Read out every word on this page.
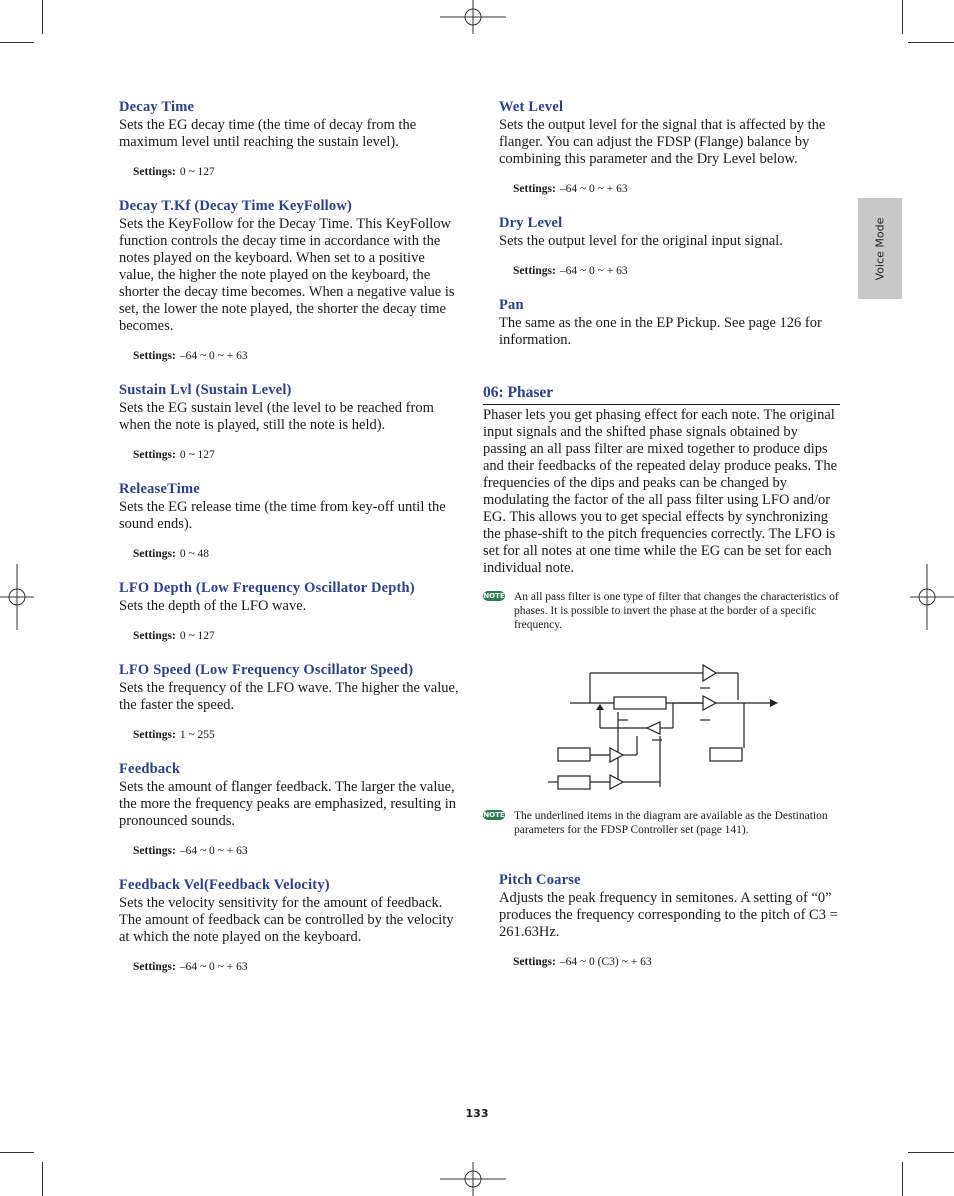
Voice Mode

Decay Time

Sets the EG decay time (the time of decay from the maximum level until reaching the sustain level).

Settings: 0 ~ 127

Decay T.Kf (Decay Time KeyFollow)

Sets the KeyFollow for the Decay Time. This KeyFollow function controls the decay time in accordance with the notes played on the keyboard. When set to a positive value, the higher the note played on the keyboard, the shorter the decay time becomes. When a negative value is set, the lower the note played, the shorter the decay time becomes.

Settings: –64 ~ 0 ~ + 63

Sustain Lvl (Sustain Level)

Sets the EG sustain level (the level to be reached from when the note is played, still the note is held).

Settings: 0 ~ 127

ReleaseTime

Sets the EG release time (the time from key-off until the sound ends).

Settings: 0 ~ 48

LFO Depth (Low Frequency Oscillator Depth)

Sets the depth of the LFO wave.

Settings: 0 ~ 127

LFO Speed (Low Frequency Oscillator Speed)

Sets the frequency of the LFO wave. The higher the value, the faster the speed.

Settings: 1 ~ 255

Feedback

Sets the amount of flanger feedback. The larger the value, the more the frequency peaks are emphasized, resulting in pronounced sounds.

Settings: –64 ~ 0 ~ + 63

Feedback Vel(Feedback Velocity)

Sets the velocity sensitivity for the amount of feedback. The amount of feedback can be controlled by the velocity at which the note played on the keyboard.

Settings: –64 ~ 0 ~ + 63

Wet Level

Sets the output level for the signal that is affected by the flanger. You can adjust the FDSP (Flange) balance by combining this parameter and the Dry Level below.

Settings: –64 ~ 0 ~ + 63

Dry Level

Sets the output level for the original input signal.

Settings: –64 ~ 0 ~ + 63

Pan

The same as the one in the EP Pickup. See page 126 for information.

06: Phaser

Phaser lets you get phasing effect for each note. The original input signals and the shifted phase signals obtained by passing an all pass filter are mixed together to produce dips and their feedbacks of the repeated delay produce peaks. The frequencies of the dips and peaks can be changed by modulating the factor of the all pass filter using LFO and/or EG. This allows you to get special effects by synchronizing the phase-shift to the pitch frequencies correctly. The LFO is set for all notes at one time while the EG can be set for each individual note.

NOTE An all pass filter is one type of filter that changes the characteristics of phases. It is possible to invert the phase at the border of a specific frequency.
NOTE The underlined items in the diagram are available as the Destination parameters for the FDSP Controller set (page 141).

Pitch Coarse

Adjusts the peak frequency in semitones. A setting of “0” produces the frequency corresponding to the pitch of C3 = 261.63Hz.

Settings: –64 ~ 0 (C3) ~ + 63

133
